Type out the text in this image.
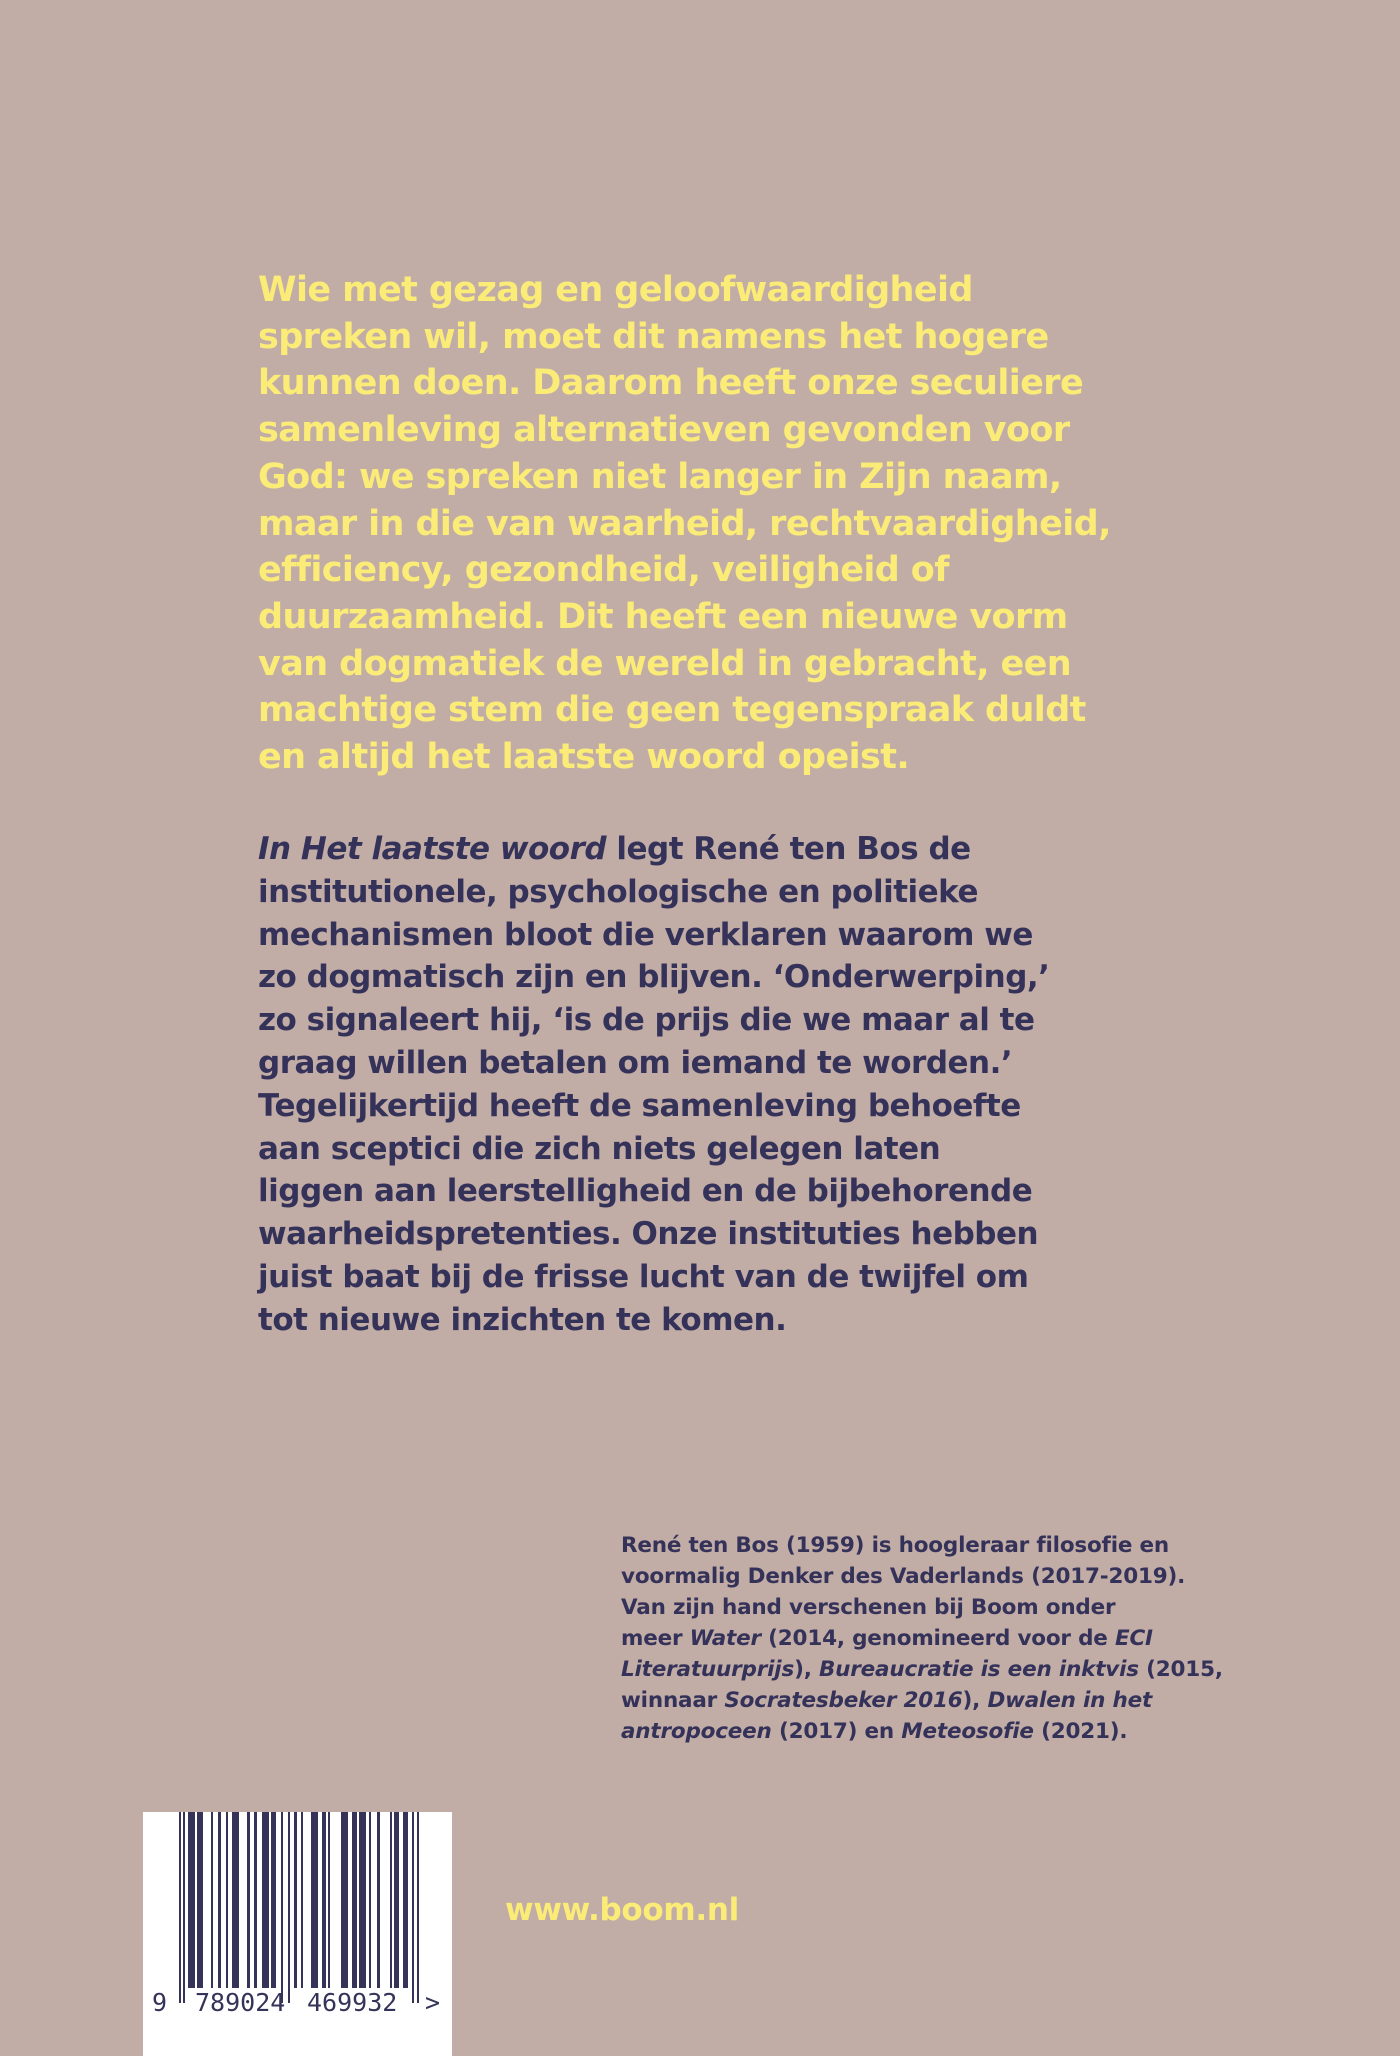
Wie met gezag en geloofwaardigheid
spreken wil, moet dit namens het hogere
kunnen doen. Daarom heeft onze seculiere
samenleving alternatieven gevonden voor
God: we spreken niet langer in Zijn naam,
maar in die van waarheid, rechtvaardigheid,
efficiency, gezondheid, veiligheid of
duurzaamheid. Dit heeft een nieuwe vorm
van dogmatiek de wereld in gebracht, een
machtige stem die geen tegenspraak duldt
en altijd het laatste woord opeist.
In Het laatste woord legt René ten Bos de
institutionele, psychologische en politieke
mechanismen bloot die verklaren waarom we
zo dogmatisch zijn en blijven. ‘Onderwerping,’
zo signaleert hij, ‘is de prijs die we maar al te
graag willen betalen om iemand te worden.’
Tegelijkertijd heeft de samenleving behoefte
aan sceptici die zich niets gelegen laten
liggen aan leerstelligheid en de bijbehorende
waarheidspretenties. Onze instituties hebben
juist baat bij de frisse lucht van de twijfel om
tot nieuwe inzichten te komen.
René ten Bos (1959) is hoogleraar filosofie en
voormalig Denker des Vaderlands (2017-2019).
Van zijn hand verschenen bij Boom onder
meer Water (2014, genomineerd voor de ECI
Literatuurprijs), Bureaucratie is een inktvis (2015,
winnaar Socratesbeker 2016), Dwalen in het
antropoceen (2017) en Meteosofie (2021).
www.boom.nl
9 789024 469932 >
